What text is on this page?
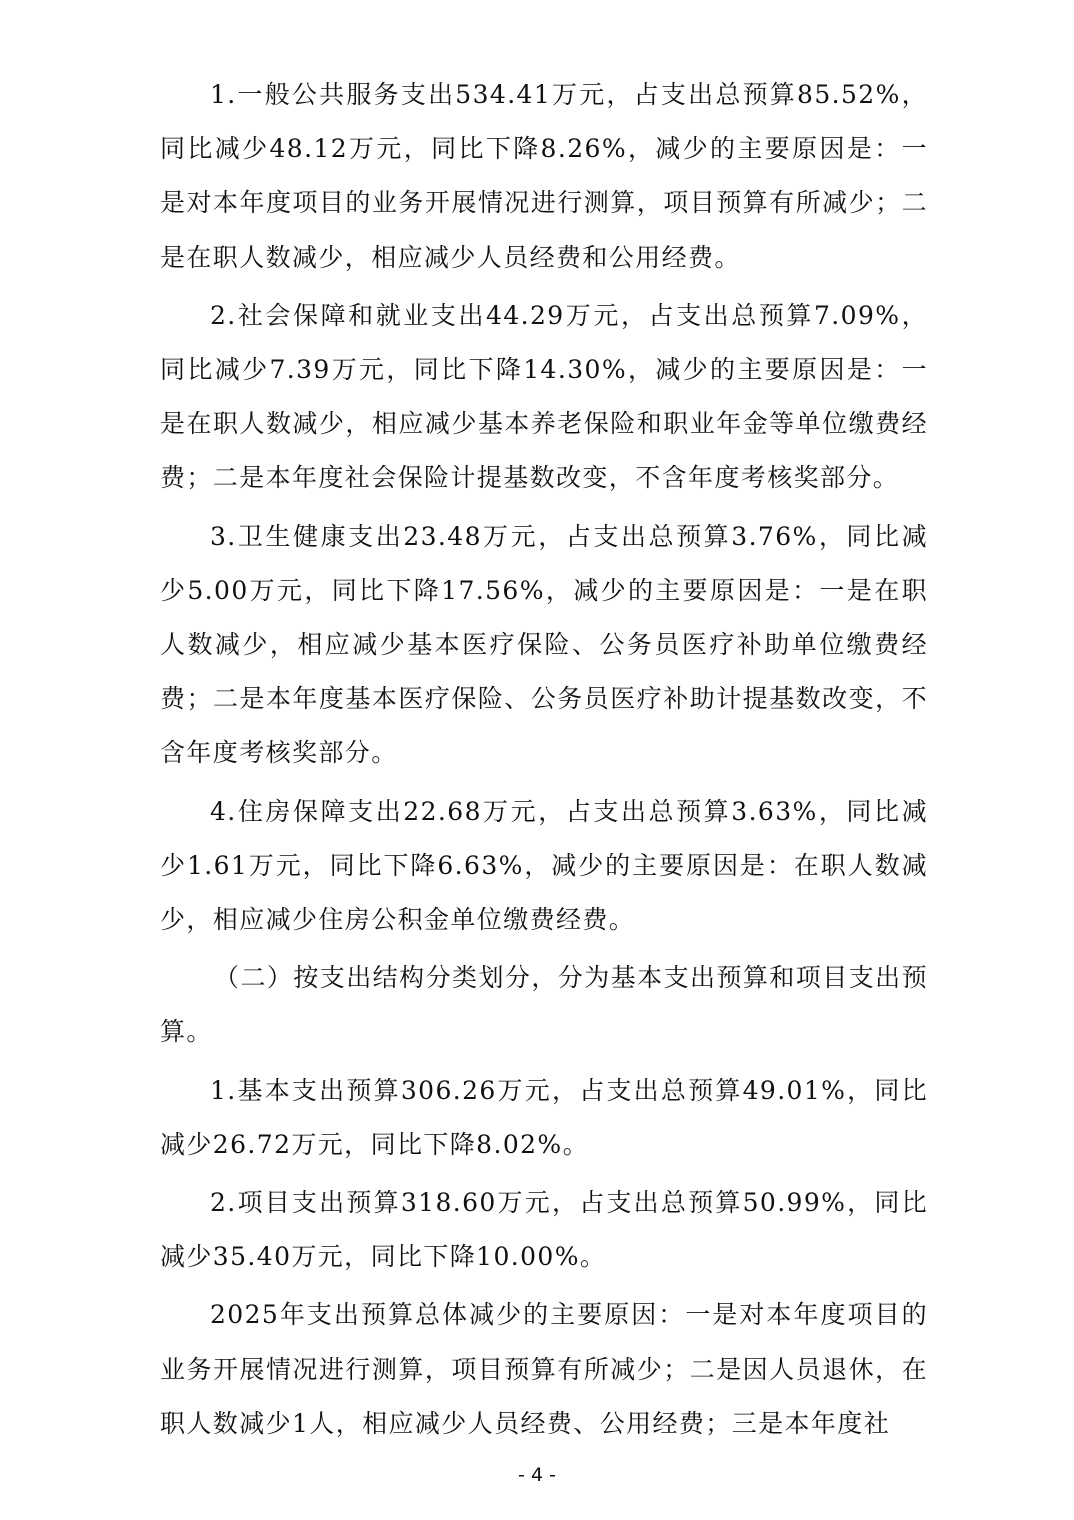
1.一般公共服务支出534.41万元，占支出总预算85.52%，同比减少48.12万元，同比下降8.26%，减少的主要原因是：一是对本年度项目的业务开展情况进行测算，项目预算有所减少；二是在职人数减少，相应减少人员经费和公用经费。

2.社会保障和就业支出44.29万元，占支出总预算7.09%，同比减少7.39万元，同比下降14.30%，减少的主要原因是：一是在职人数减少，相应减少基本养老保险和职业年金等单位缴费经费；二是本年度社会保险计提基数改变，不含年度考核奖部分。

3.卫生健康支出23.48万元，占支出总预算3.76%，同比减少5.00万元，同比下降17.56%，减少的主要原因是：一是在职人数减少，相应减少基本医疗保险、公务员医疗补助单位缴费经费；二是本年度基本医疗保险、公务员医疗补助计提基数改变，不含年度考核奖部分。

4.住房保障支出22.68万元，占支出总预算3.63%，同比减少1.61万元，同比下降6.63%，减少的主要原因是：在职人数减少，相应减少住房公积金单位缴费经费。

（二）按支出结构分类划分，分为基本支出预算和项目支出预算。

1.基本支出预算306.26万元，占支出总预算49.01%，同比减少26.72万元，同比下降8.02%。

2.项目支出预算318.60万元，占支出总预算50.99%，同比减少35.40万元，同比下降10.00%。

2025年支出预算总体减少的主要原因：一是对本年度项目的业务开展情况进行测算，项目预算有所减少；二是因人员退休，在职人数减少1人，相应减少人员经费、公用经费；三是本年度社

- 4 -
